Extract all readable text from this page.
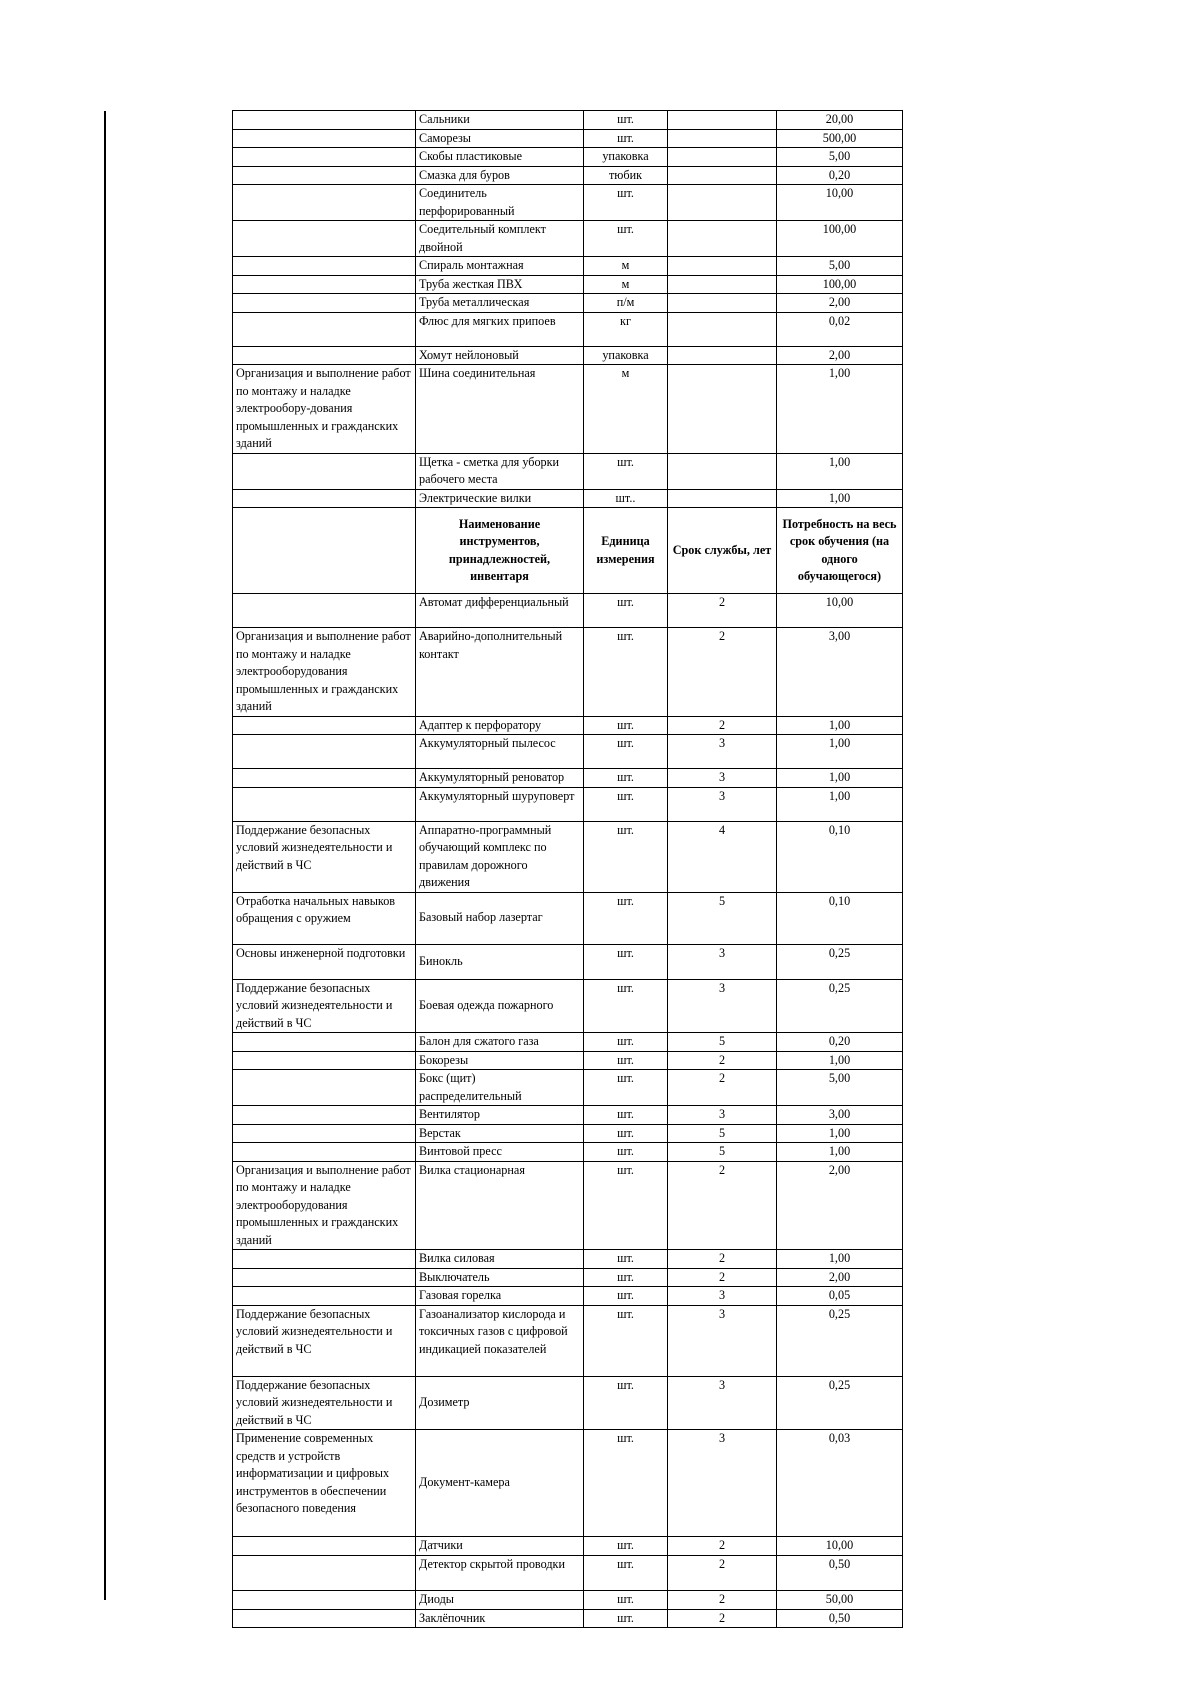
	Сальники	шт.		20,00
	Саморезы	шт.		500,00
	Скобы пластиковые	упаковка		5,00
	Смазка для буров	тюбик		0,20
	Соединитель перфорированный	шт.		10,00
	Соедительный комплект двойной	шт.		100,00
	Спираль монтажная	м		5,00
	Труба жесткая ПВХ	м		100,00
	Труба металлическая	п/м		2,00
	Флюс для мягких припоев	кг		0,02
	Хомут нейлоновый	упаковка		2,00
Организация и выполнение работ по монтажу и наладке электрообору-дования промышленных и гражданских зданий	Шина соединительная	м		1,00
	Щетка - сметка для уборки рабочего места	шт.		1,00
	Электрические вилки	шт..		1,00
	Наименование инструментов, принадлежностей, инвентаря	Единица измерения	Срок службы, лет	Потребность на весь срок обучения (на одного обучающегося)
	Автомат дифференциальный	шт.	2	10,00
Организация и выполнение работ по монтажу и наладке электрооборудования промышленных и гражданских зданий	Аварийно-дополнительный контакт	шт.	2	3,00
	Адаптер к перфоратору	шт.	2	1,00
	Аккумуляторный пылесос	шт.	3	1,00
	Аккумуляторный реноватор	шт.	3	1,00
	Аккумуляторный шуруповерт	шт.	3	1,00
Поддержание безопасных условий жизнедеятельности и действий в ЧС	Аппаратно-программный обучающий комплекс по правилам дорожного движения	шт.	4	0,10
Отработка начальных навыков обращения с оружием	Базовый набор лазертаг	шт.	5	0,10
Основы инженерной подготовки	Бинокль	шт.	3	0,25
Поддержание безопасных условий жизнедеятельности и действий в ЧС	Боевая одежда пожарного	шт.	3	0,25
	Балон для сжатого газа	шт.	5	0,20
	Бокорезы	шт.	2	1,00
	Бокс (щит) распределительный	шт.	2	5,00
	Вентилятор	шт.	3	3,00
	Верстак	шт.	5	1,00
	Винтовой пресс	шт.	5	1,00
Организация и выполнение работ по монтажу и наладке электрооборудования промышленных и гражданских зданий	Вилка стационарная	шт.	2	2,00
	Вилка силовая	шт.	2	1,00
	Выключатель	шт.	2	2,00
	Газовая горелка	шт.	3	0,05
Поддержание безопасных условий жизнедеятельности и действий в ЧС	Газоанализатор кислорода и токсичных газов с цифровой индикацией показателей	шт.	3	0,25
Поддержание безопасных условий жизнедеятельности и действий в ЧС	Дозиметр	шт.	3	0,25
Применение современных средств и устройств информатизации и цифровых инструментов в обеспечении безопасного поведения	Документ-камера	шт.	3	0,03
	Датчики	шт.	2	10,00
	Детектор скрытой проводки	шт.	2	0,50
	Диоды	шт.	2	50,00
	Заклёпочник	шт.	2	0,50
